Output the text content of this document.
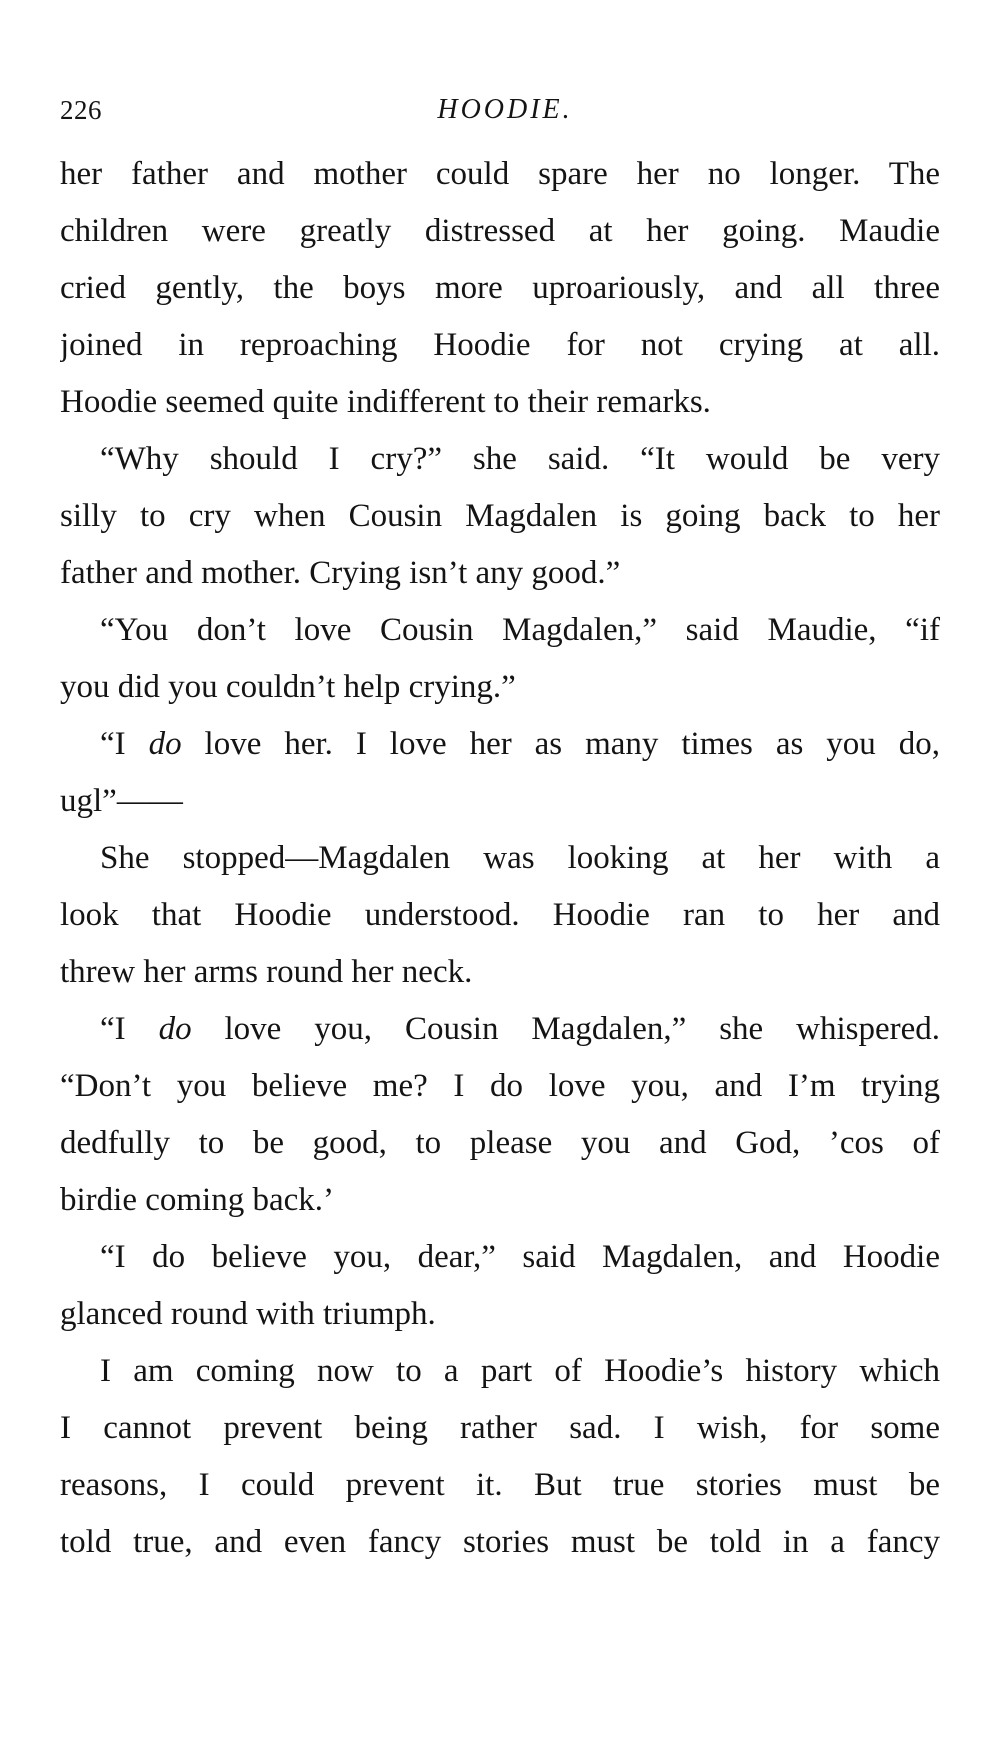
226	HOODIE.
her father and mother could spare her no longer. The
children were greatly distressed at her going. Maudie
cried gently, the boys more uproariously, and all three
joined in reproaching Hoodie for not crying at all.
Hoodie seemed quite indifferent to their remarks.
“Why should I cry?” she said. “It would be very
silly to cry when Cousin Magdalen is going back to her
father and mother. Crying isn’t any good.”
“You don’t love Cousin Magdalen,” said Maudie, “if
you did you couldn’t help crying.”
“I do love her. I love her as many times as you do,
ugl”——
She stopped—Magdalen was looking at her with a
look that Hoodie understood. Hoodie ran to her and
threw her arms round her neck.
“I do love you, Cousin Magdalen,” she whispered.
“Don’t you believe me? I do love you, and I’m trying
dedfully to be good, to please you and God, ’cos of
birdie coming back.’
“I do believe you, dear,” said Magdalen, and Hoodie
glanced round with triumph.
I am coming now to a part of Hoodie’s history which
I cannot prevent being rather sad. I wish, for some
reasons, I could prevent it. But true stories must be
told true, and even fancy stories must be told in a fancy
